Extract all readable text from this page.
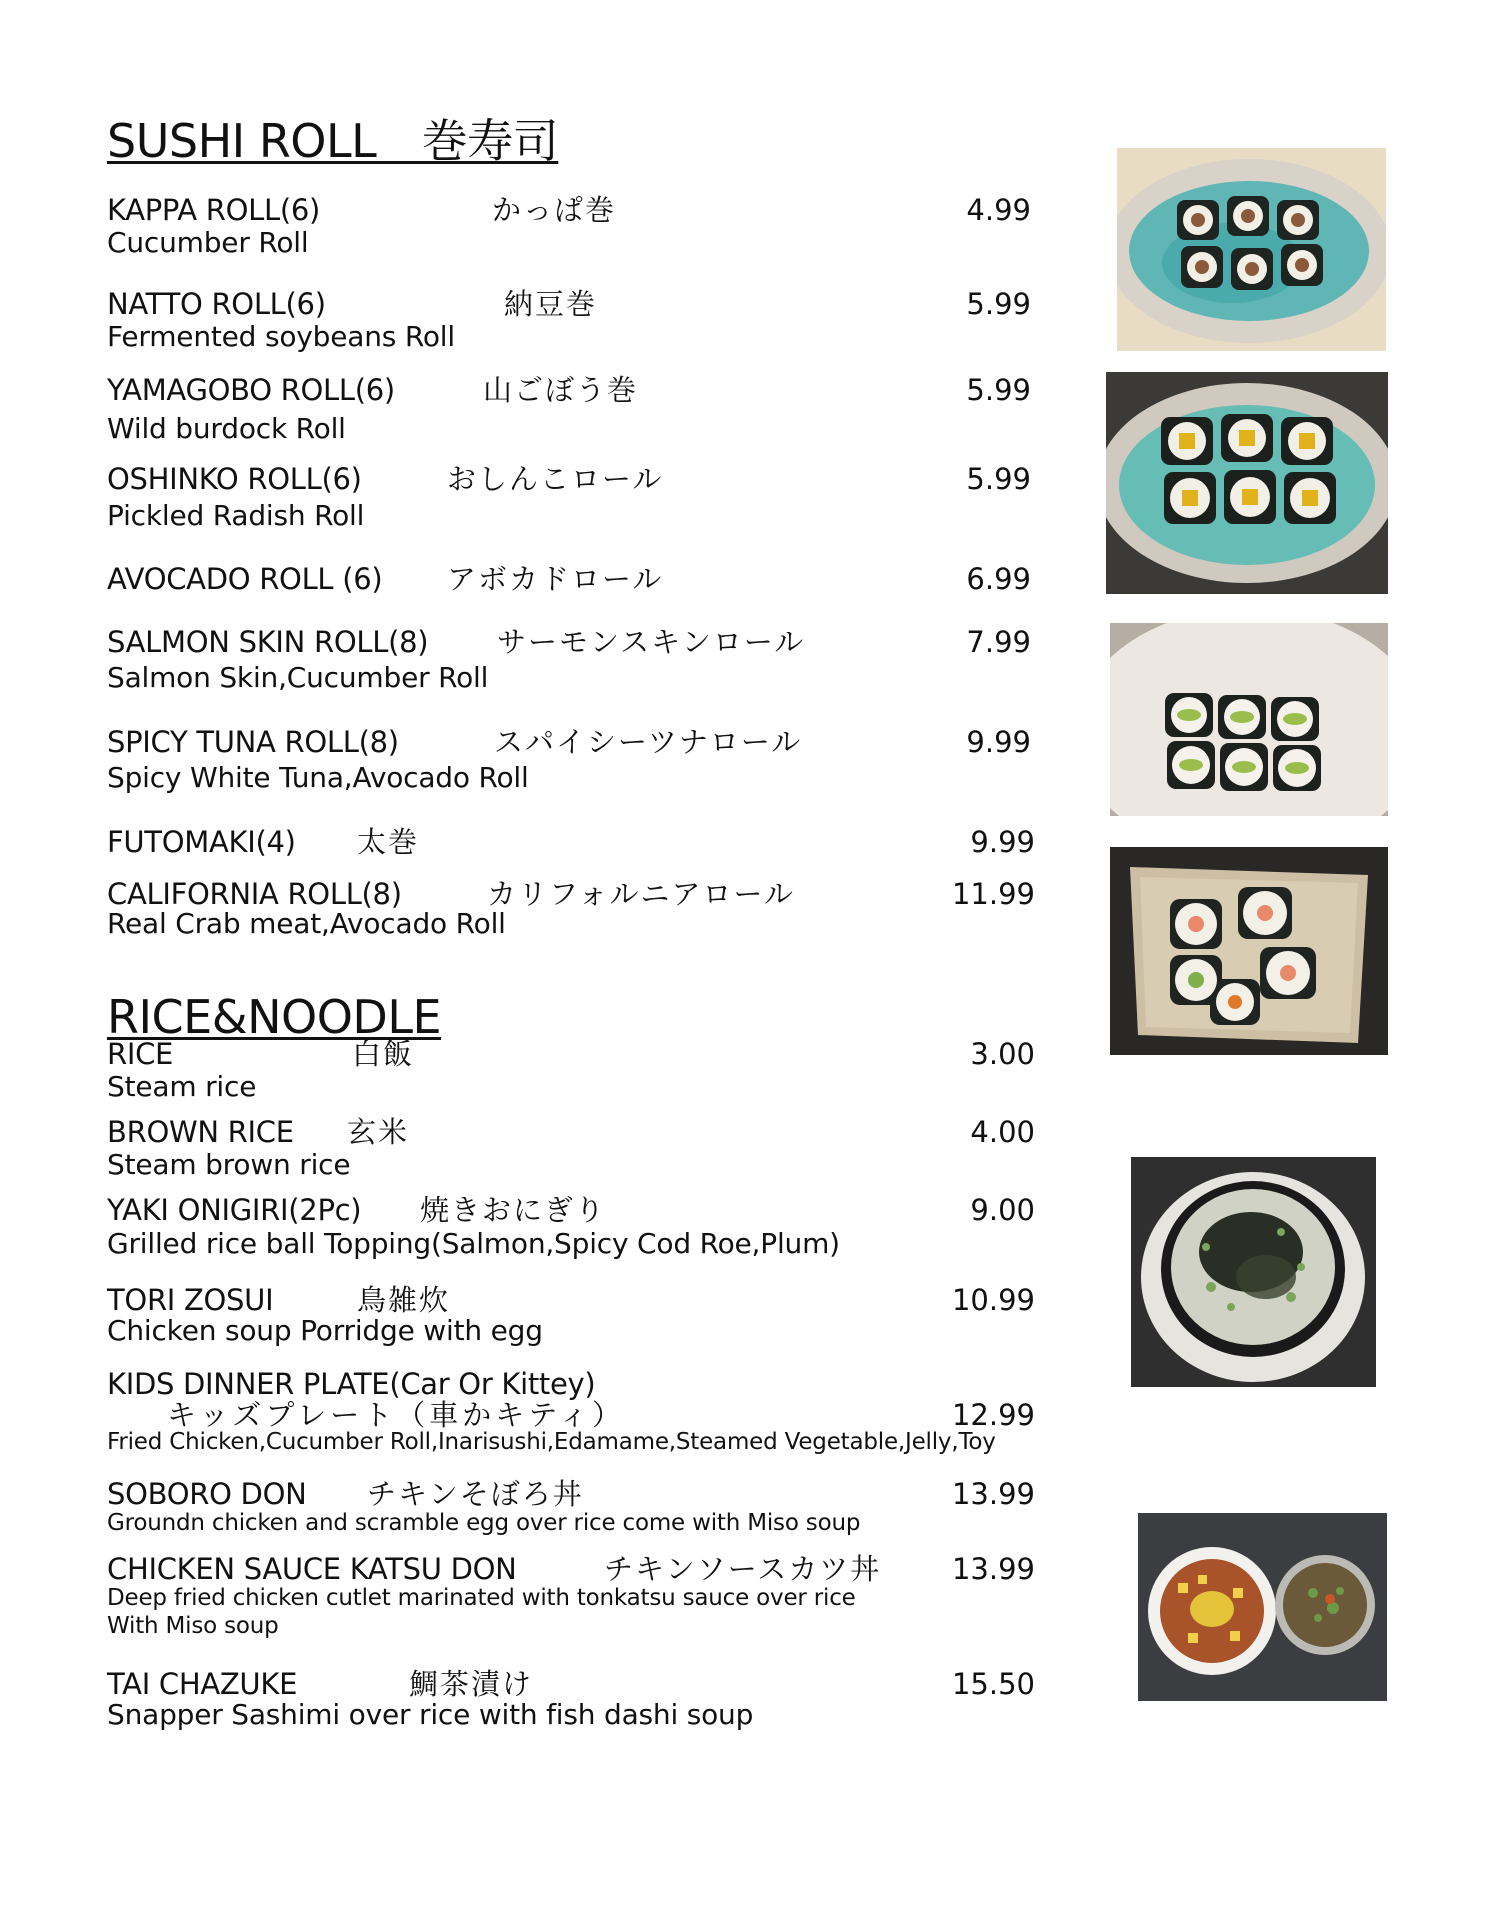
SUSHI ROLL　巻寿司
KAPPA ROLL(6)	かっぱ巻	4.99
Cucumber Roll
NATTO ROLL(6)	納豆巻	5.99
Fermented soybeans Roll
YAMAGOBO ROLL(6)	山ごぼう巻	5.99
Wild burdock Roll
OSHINKO ROLL(6)	おしんこロール	5.99
Pickled Radish Roll
AVOCADO ROLL (6) アボカドロール	6.99
SALMON SKIN ROLL(8) サーモンスキンロール	7.99
Salmon Skin,Cucumber Roll
SPICY TUNA ROLL(8)	スパイシーツナロール	9.99
Spicy White Tuna,Avocado Roll
FUTOMAKI(4) 太巻	9.99
CALIFORNIA ROLL(8)	カリフォルニアロール	11.99
Real Crab meat,Avocado Roll
RICE&NOODLE
RICE	白飯	3.00
Steam rice
BROWN RICE 玄米	4.00
Steam brown rice
YAKI ONIGIRI(2Pc) 焼きおにぎり	9.00
Grilled rice ball Topping(Salmon,Spicy Cod Roe,Plum)
TORI ZOSUI	鳥雑炊	10.99
Chicken soup Porridge with egg
KIDS DINNER PLATE(Car Or Kittey)
キッズプレート（車かキティ）	12.99
Fried Chicken,Cucumber Roll,Inarisushi,Edamame,Steamed Vegetable,Jelly,Toy
SOBORO DON チキンそぼろ丼	13.99
Groundn chicken and scramble egg over rice come with Miso soup
CHICKEN SAUCE KATSU DON	チキンソースカツ丼 13.99
Deep fried chicken cutlet marinated with tonkatsu sauce over rice
With Miso soup
TAI CHAZUKE	鯛茶漬け	15.50
Snapper Sashimi over rice with fish dashi soup
